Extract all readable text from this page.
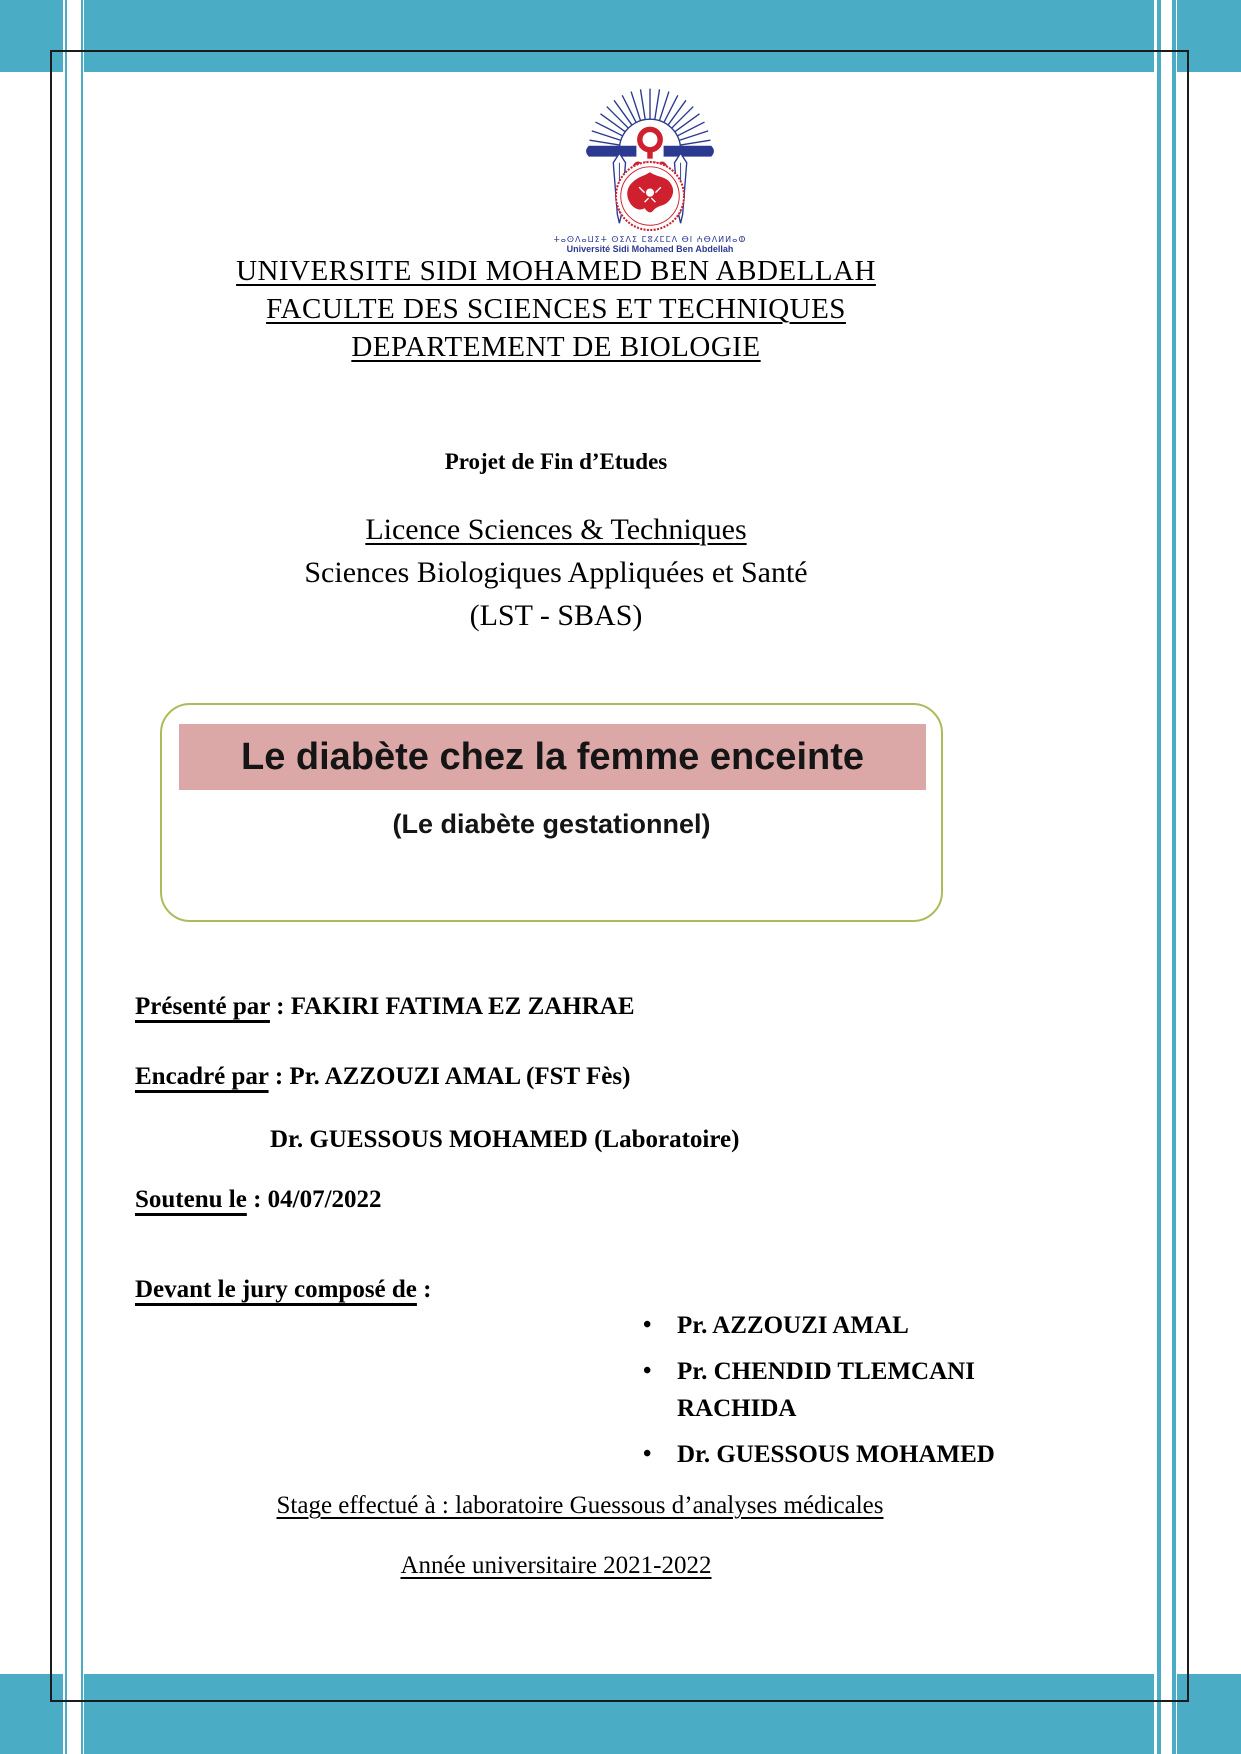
ⵜⴰⵙⴷⴰⵡⵉⵜ ⵙⵉⴷⵉ ⵎⵓⵃⵎⵎⴷ ⴱⵏ ⵄⴱⴷⵍⵍⴰⵀ
Université Sidi Mohamed Ben Abdellah
UNIVERSITE SIDI MOHAMED BEN ABDELLAH
FACULTE DES SCIENCES ET TECHNIQUES
DEPARTEMENT DE BIOLOGIE
Projet de Fin d’Etudes
Licence Sciences & Techniques
Sciences Biologiques Appliquées et Santé
(LST - SBAS)
Le diabète chez la femme enceinte
(Le diabète gestationnel)
Présenté par : FAKIRI FATIMA EZ ZAHRAE
Encadré par : Pr. AZZOUZI AMAL (FST Fès)
Dr. GUESSOUS MOHAMED (Laboratoire)
Soutenu le : 04/07/2022
Devant le jury composé de :
•	Pr. AZZOUZI AMAL
•	Pr. CHENDID TLEMCANI RACHIDA
•	Dr. GUESSOUS MOHAMED
Stage effectué à : laboratoire Guessous d’analyses médicales
Année universitaire 2021-2022
